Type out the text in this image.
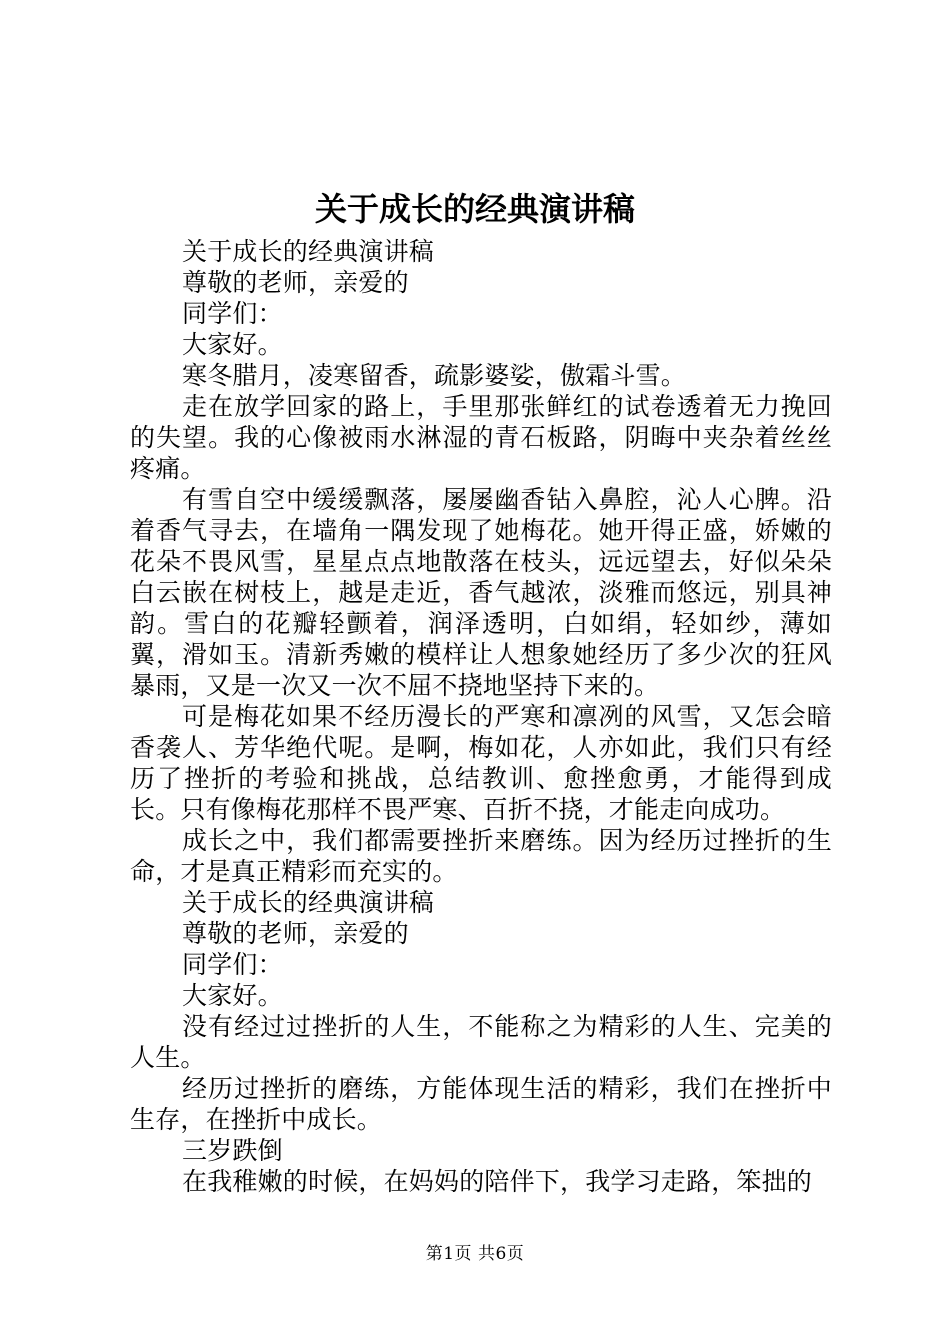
关于成长的经典演讲稿

关于成长的经典演讲稿

尊敬的老师，亲爱的

同学们：

大家好。

寒冬腊月，凌寒留香，疏影婆娑，傲霜斗雪。

走在放学回家的路上，手里那张鲜红的试卷透着无力挽回的失望。我的心像被雨水淋湿的青石板路，阴晦中夹杂着丝丝疼痛。

有雪自空中缓缓飘落，屡屡幽香钻入鼻腔，沁人心脾。沿着香气寻去，在墙角一隅发现了她梅花。她开得正盛，娇嫩的花朵不畏风雪，星星点点地散落在枝头，远远望去，好似朵朵白云嵌在树枝上，越是走近，香气越浓，淡雅而悠远，别具神韵。雪白的花瓣轻颤着，润泽透明，白如绢，轻如纱，薄如翼，滑如玉。清新秀嫩的模样让人想象她经历了多少次的狂风暴雨，又是一次又一次不屈不挠地坚持下来的。

可是梅花如果不经历漫长的严寒和凛冽的风雪，又怎会暗香袭人、芳华绝代呢。是啊，梅如花，人亦如此，我们只有经历了挫折的考验和挑战，总结教训、愈挫愈勇，才能得到成长。只有像梅花那样不畏严寒、百折不挠，才能走向成功。

成长之中，我们都需要挫折来磨练。因为经历过挫折的生命，才是真正精彩而充实的。

关于成长的经典演讲稿

尊敬的老师，亲爱的

同学们：

大家好。

没有经过过挫折的人生，不能称之为精彩的人生、完美的人生。

经历过挫折的磨练，方能体现生活的精彩，我们在挫折中生存，在挫折中成长。

三岁跌倒

在我稚嫩的时候，在妈妈的陪伴下，我学习走路，笨拙的

第1页 共6页
